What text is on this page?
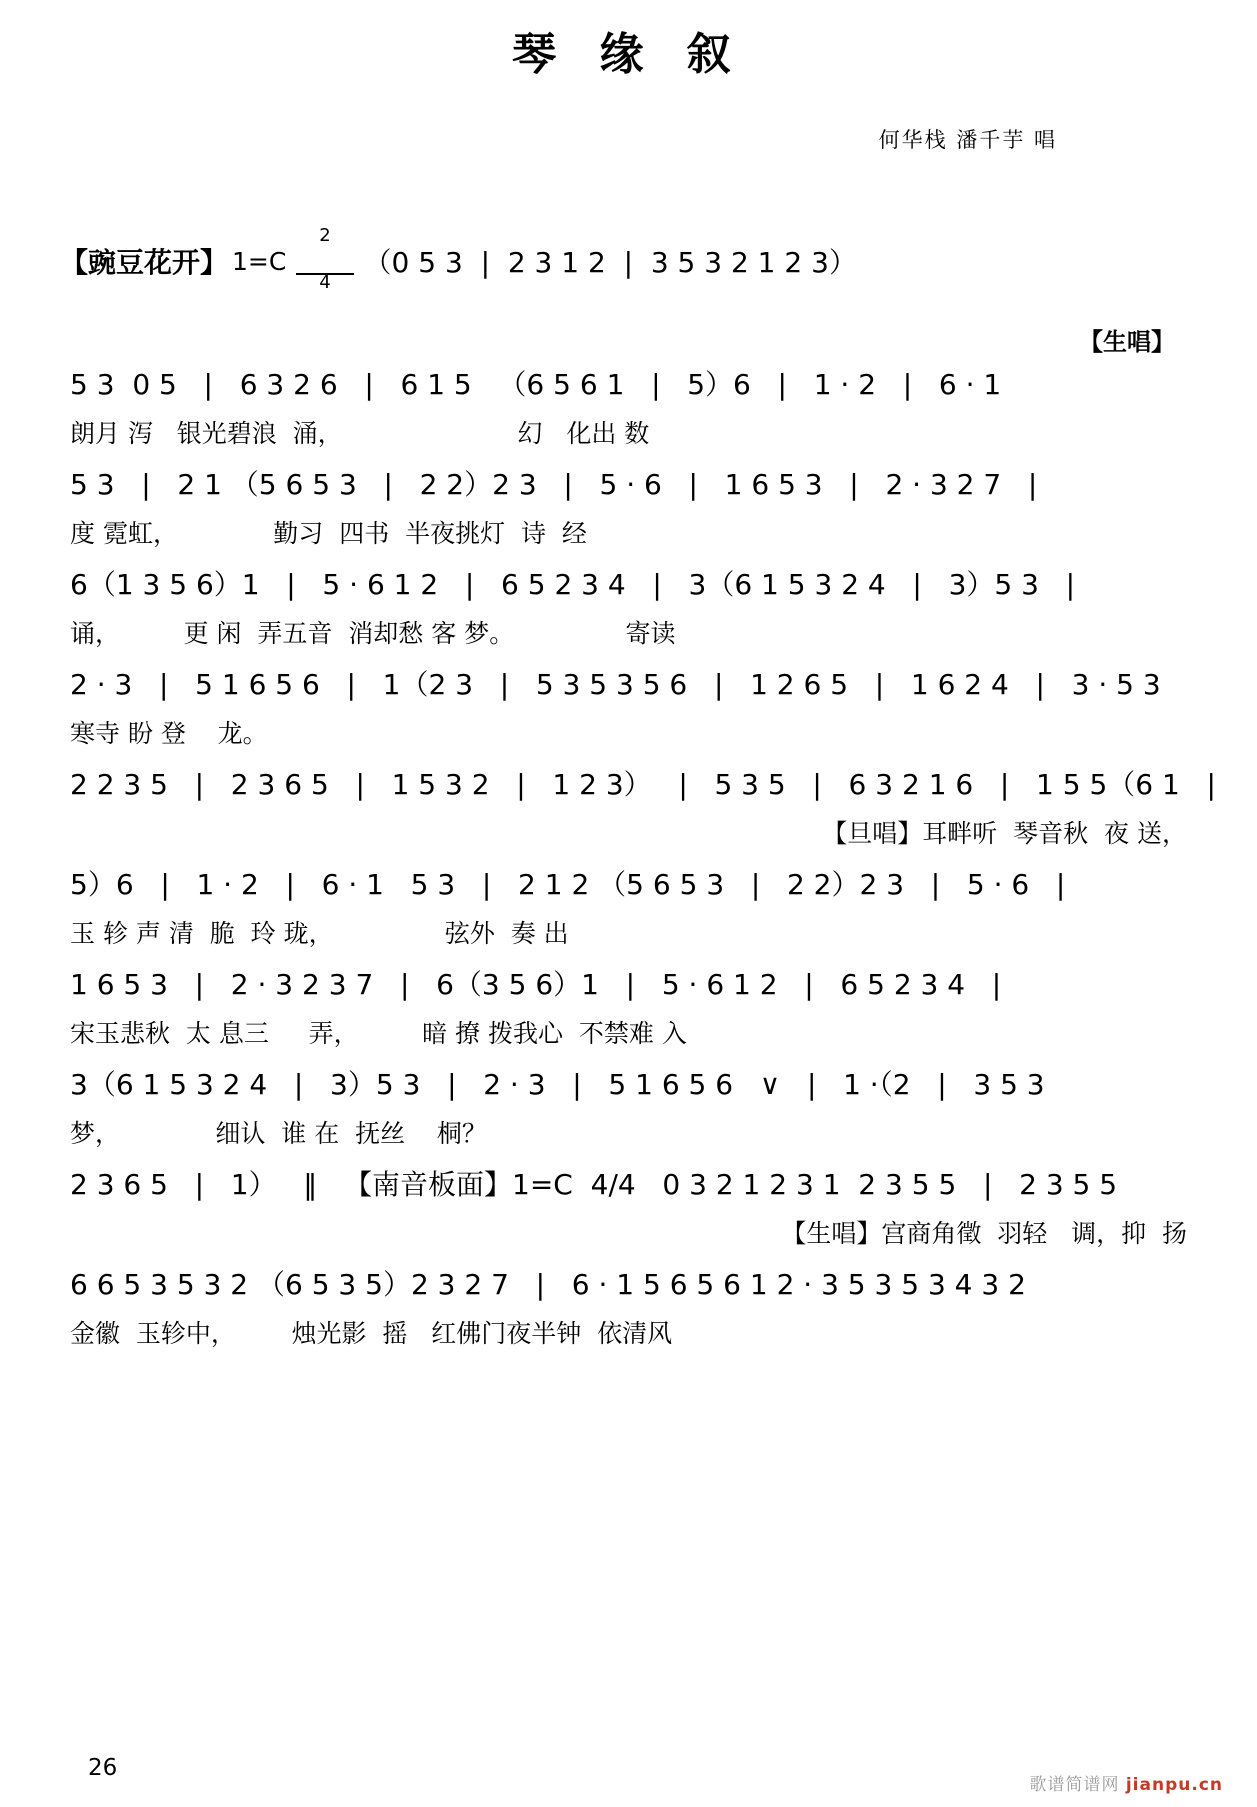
琴 缘 叙
何华栈 潘千芋 唱
【豌豆花开】 1=C

$\frac{2}{4}$

（0 5 3  |  2 3 1 2  |  3 5 3 2 1 2 3）
【生唱】
5 3  0 5   |   6 3 2 6   |   6 1 5   （6 5 6 1   |   5）6   |   1 · 2   |   6 · 1
朗月 泻   银光碧浪  涌，                      幻   化出 数
5 3   |   2 1 （5 6 5 3   |   2 2）2 3   |   5 · 6   |   1 6 5 3   |   2 · 3 2 7   |
度 霓虹，            勤习  四书  半夜挑灯  诗  经
6（1 3 5 6）1   |   5 · 6 1 2   |   6 5 2 3 4   |   3（6 1 5 3 2 4   |   3）5 3   |
诵，        更 闲  弄五音  消却愁 客 梦。              寄读
2 · 3   |   5 1 6 5 6   |   1（2 3   |   5 3 5 3 5 6   |   1 2 6 5   |   1 6 2 4   |   3 · 5 3
寒寺 盼 登    龙。
2 2 3 5   |   2 3 6 5   |   1 5 3 2   |   1 2 3）   |   5 3 5   |   6 3 2 1 6   |   1 5 5（6 1   |
【旦唱】耳畔听  琴音秋  夜 送，
5）6   |   1 · 2   |   6 · 1   5 3   |   2 1 2 （5 6 5 3   |   2 2）2 3   |   5 · 6   |
玉 轸 声 清  脆  玲 珑，              弦外  奏 出
1 6 5 3   |   2 · 3 2 3 7   |   6（3 5 6）1   |   5 · 6 1 2   |   6 5 2 3 4   |
宋玉悲秋  太 息三     弄，        暗 撩 拨我心  不禁难 入
3（6 1 5 3 2 4   |   3）5 3   |   2 · 3   |   5 1 6 5 6   ∨   |   1 ·（2   |   3 5 3
梦，            细认  谁 在  抚丝    桐？
2 3 6 5   |   1）   ‖   【南音板面】1=C  4/4   0 3 2 1 2 3 1  2 3 5 5   |   2 3 5 5
【生唱】宫商角徵  羽轻   调，抑  扬
6 6 5 3 5 3 2 （6 5 3 5）2 3 2 7   |   6 · 1 5 6 5 6 1 2 · 3 5 3 5 3 4 3 2
金徽  玉轸中，       烛光影  摇   红佛门夜半钟  依清风
26
歌谱简谱网 jianpu.cn
